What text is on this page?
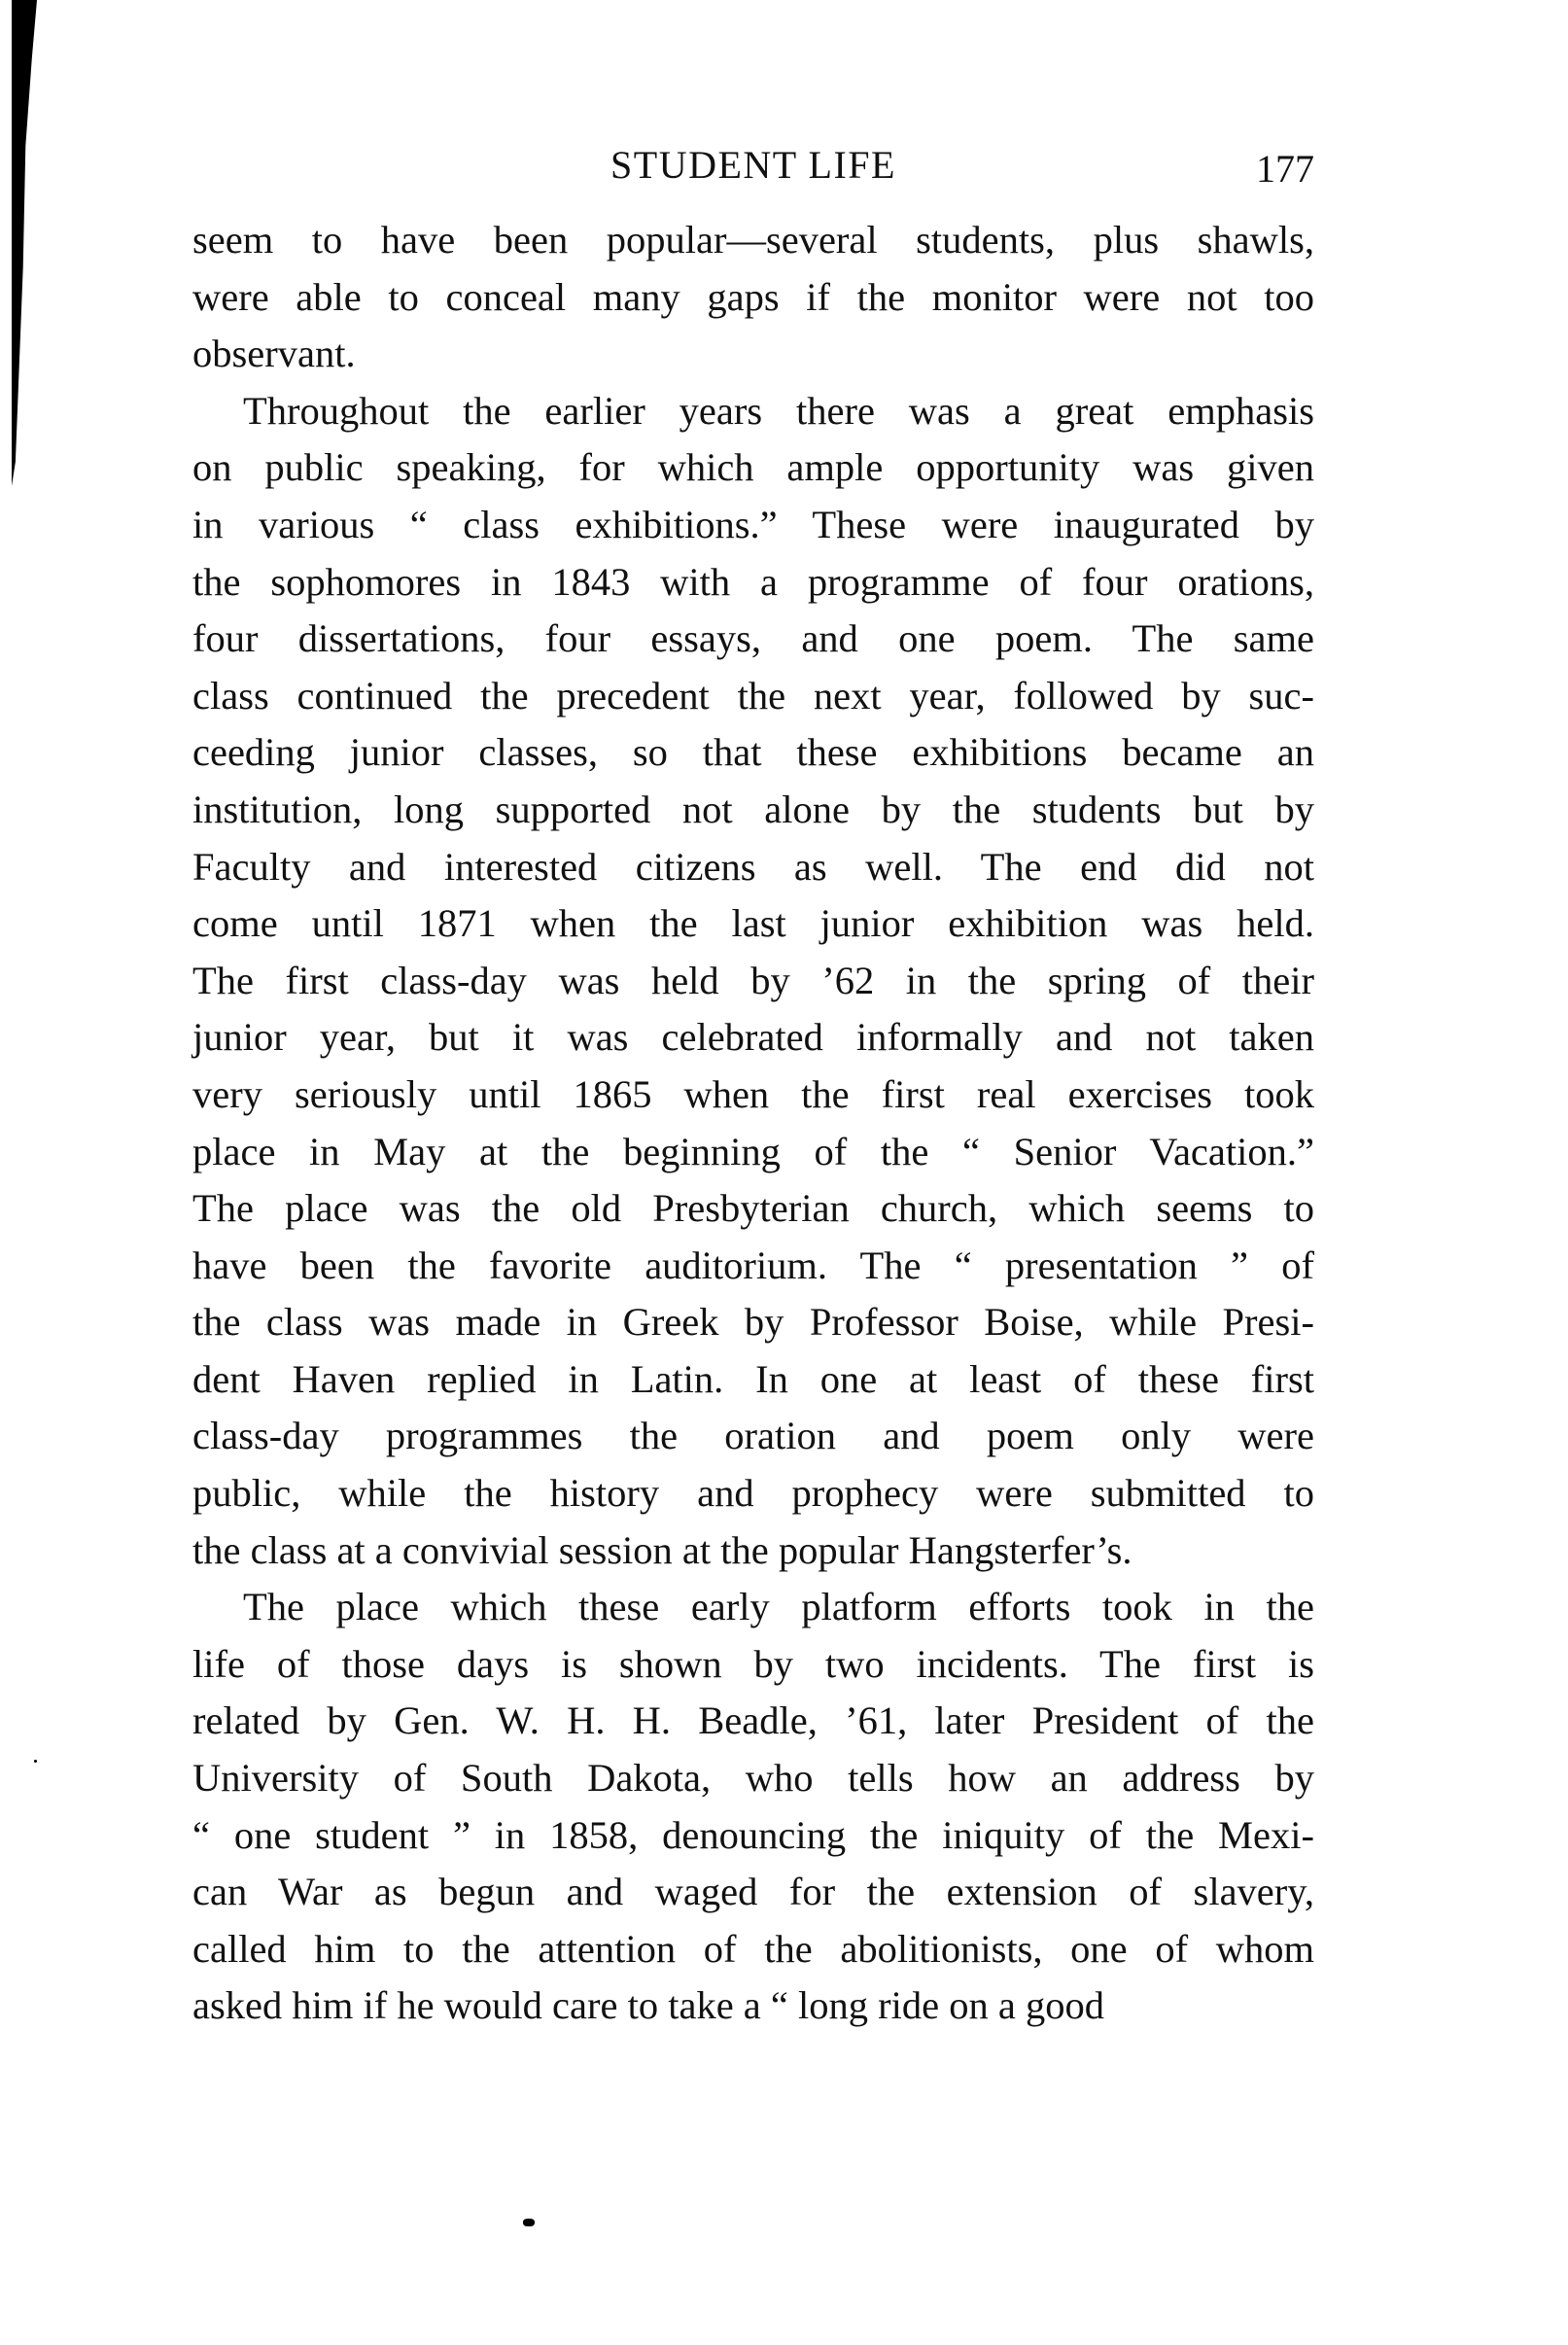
STUDENT LIFE	177
seem to have been popular—several students, plus shawls,
were able to conceal many gaps if the monitor were not too
observant.
Throughout the earlier years there was a great emphasis
on public speaking, for which ample opportunity was given
in various “ class exhibitions.” These were inaugurated by
the sophomores in 1843 with a programme of four orations,
four dissertations, four essays, and one poem. The same
class continued the precedent the next year, followed by suc-
ceeding junior classes, so that these exhibitions became an
institution, long supported not alone by the students but by
Faculty and interested citizens as well. The end did not
come until 1871 when the last junior exhibition was held.
The first class-day was held by ’62 in the spring of their
junior year, but it was celebrated informally and not taken
very seriously until 1865 when the first real exercises took
place in May at the beginning of the “ Senior Vacation.”
The place was the old Presbyterian church, which seems to
have been the favorite auditorium. The “ presentation ” of
the class was made in Greek by Professor Boise, while Presi-
dent Haven replied in Latin. In one at least of these first
class-day programmes the oration and poem only were
public, while the history and prophecy were submitted to
the class at a convivial session at the popular Hangsterfer’s.
The place which these early platform efforts took in the
life of those days is shown by two incidents. The first is
related by Gen. W. H. H. Beadle, ’61, later President of the
University of South Dakota, who tells how an address by
“ one student ” in 1858, denouncing the iniquity of the Mexi-
can War as begun and waged for the extension of slavery,
called him to the attention of the abolitionists, one of whom
asked him if he would care to take a “ long ride on a good
